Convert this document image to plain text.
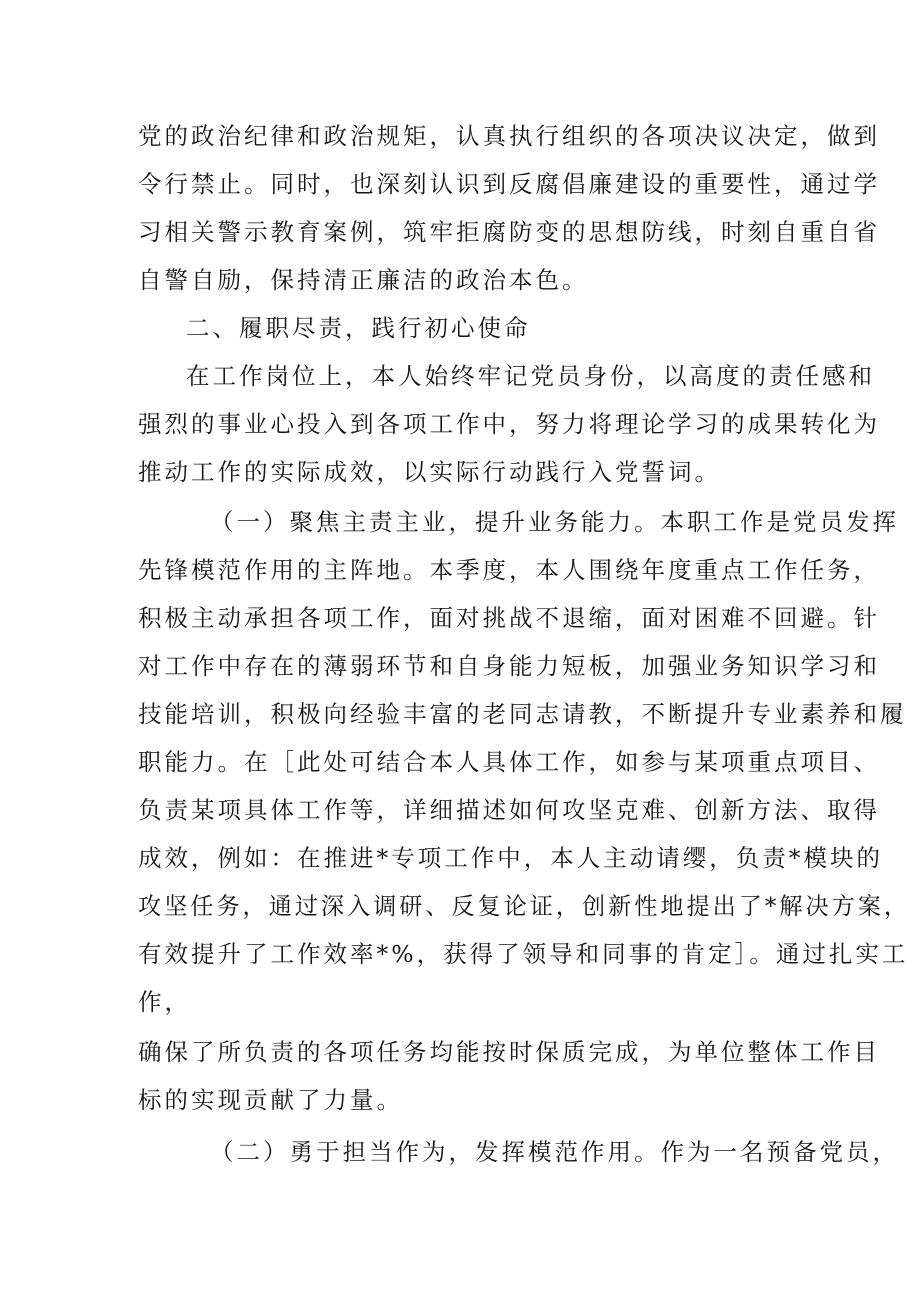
党的政治纪律和政治规矩，认真执行组织的各项决议决定，做到
令行禁止。同时，也深刻认识到反腐倡廉建设的重要性，通过学
习相关警示教育案例，筑牢拒腐防变的思想防线，时刻自重自省
自警自励，保持清正廉洁的政治本色。
二、履职尽责，践行初心使命
在工作岗位上，本人始终牢记党员身份，以高度的责任感和
强烈的事业心投入到各项工作中，努力将理论学习的成果转化为
推动工作的实际成效，以实际行动践行入党誓词。
（一）聚焦主责主业，提升业务能力。本职工作是党员发挥
先锋模范作用的主阵地。本季度，本人围绕年度重点工作任务，
积极主动承担各项工作，面对挑战不退缩，面对困难不回避。针
对工作中存在的薄弱环节和自身能力短板，加强业务知识学习和
技能培训，积极向经验丰富的老同志请教，不断提升专业素养和履
职能力。在［此处可结合本人具体工作，如参与某项重点项目、
负责某项具体工作等，详细描述如何攻坚克难、创新方法、取得
成效，例如：在推进*专项工作中，本人主动请缨，负责*模块的
攻坚任务，通过深入调研、反复论证，创新性地提出了*解决方案，
有效提升了工作效率*%，获得了领导和同事的肯定］。通过扎实工
作，
确保了所负责的各项任务均能按时保质完成，为单位整体工作目
标的实现贡献了力量。
（二）勇于担当作为，发挥模范作用。作为一名预备党员，
